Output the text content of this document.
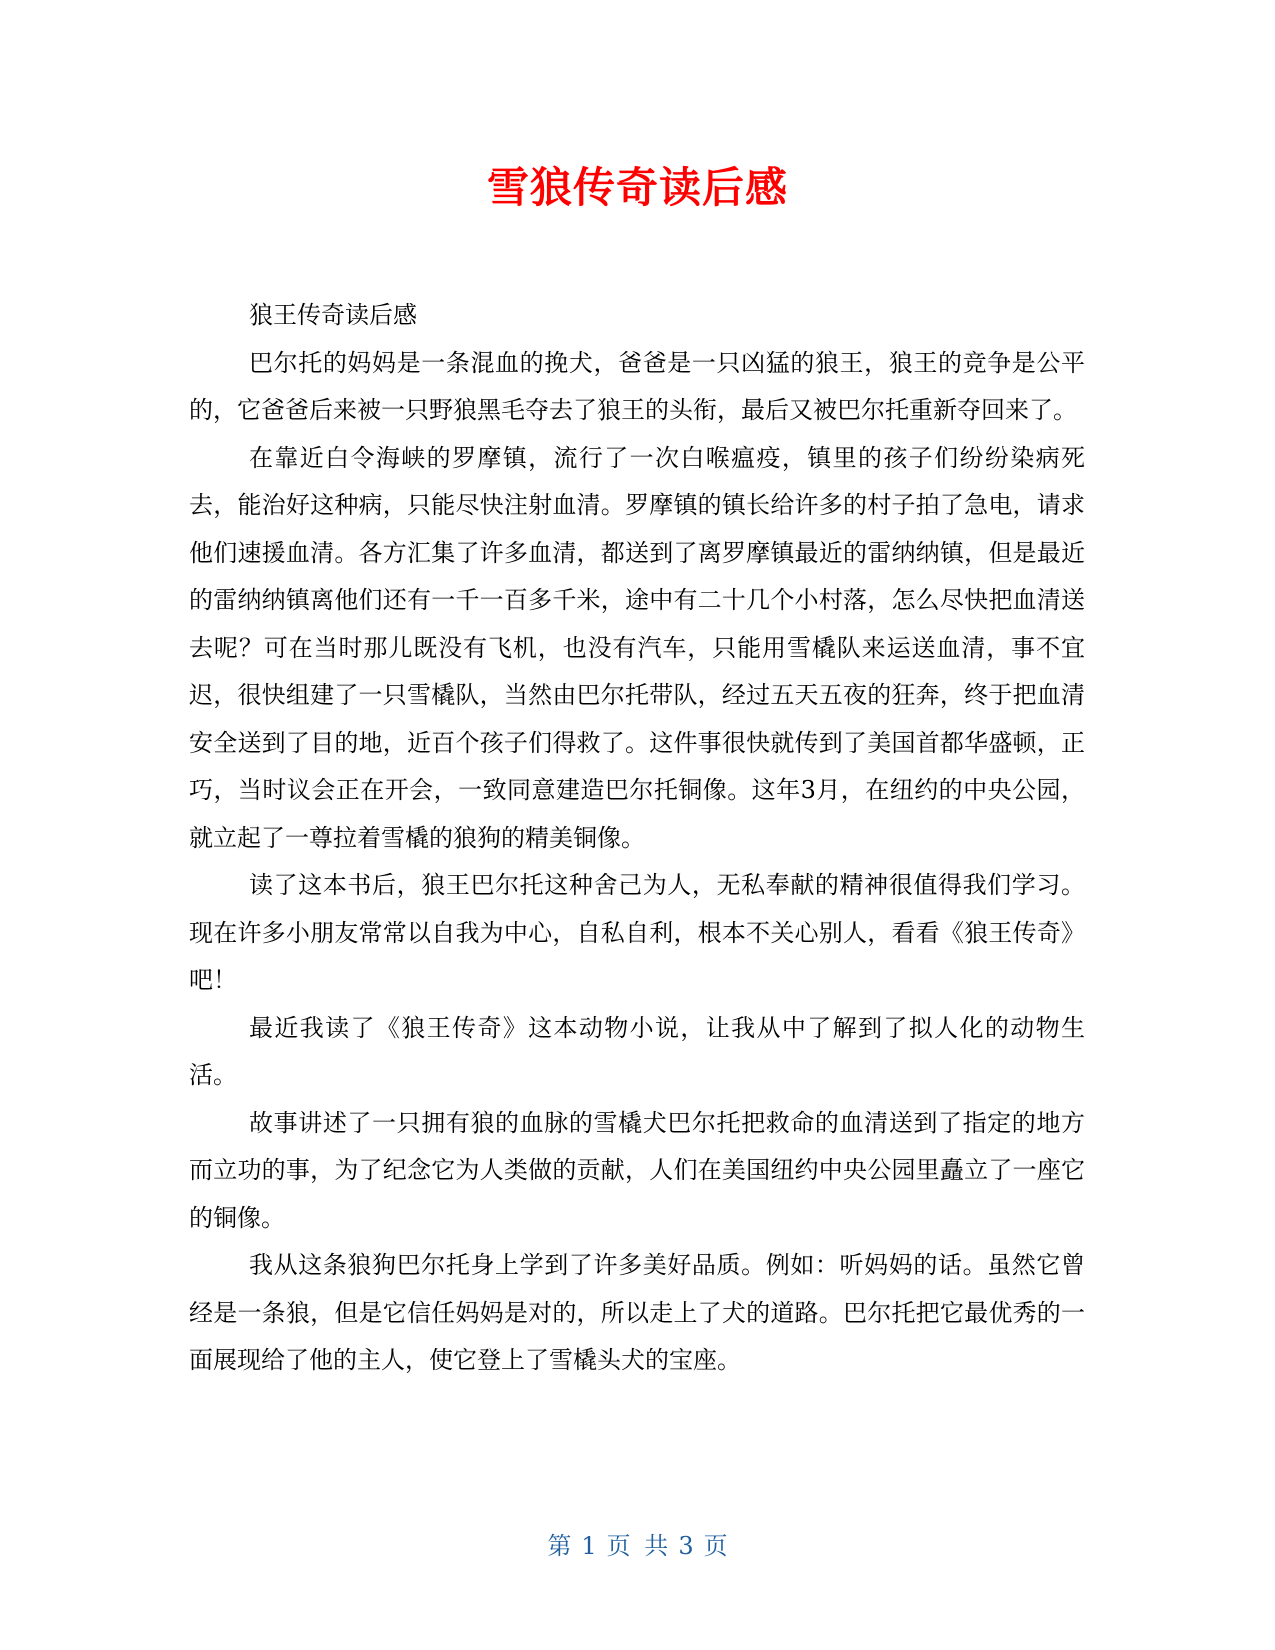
雪狼传奇读后感

狼王传奇读后感

巴尔托的妈妈是一条混血的挽犬，爸爸是一只凶猛的狼王，狼王的竞争是公平的，它爸爸后来被一只野狼黑毛夺去了狼王的头衔，最后又被巴尔托重新夺回来了。

在靠近白令海峡的罗摩镇，流行了一次白喉瘟疫，镇里的孩子们纷纷染病死去，能治好这种病，只能尽快注射血清。罗摩镇的镇长给许多的村子拍了急电，请求他们速援血清。各方汇集了许多血清，都送到了离罗摩镇最近的雷纳纳镇，但是最近的雷纳纳镇离他们还有一千一百多千米，途中有二十几个小村落，怎么尽快把血清送去呢？可在当时那儿既没有飞机，也没有汽车，只能用雪橇队来运送血清，事不宜迟，很快组建了一只雪橇队，当然由巴尔托带队，经过五天五夜的狂奔，终于把血清安全送到了目的地，近百个孩子们得救了。这件事很快就传到了美国首都华盛顿，正巧，当时议会正在开会，一致同意建造巴尔托铜像。这年3月，在纽约的中央公园，就立起了一尊拉着雪橇的狼狗的精美铜像。

读了这本书后，狼王巴尔托这种舍己为人，无私奉献的精神很值得我们学习。现在许多小朋友常常以自我为中心，自私自利，根本不关心别人，看看《狼王传奇》吧！

最近我读了《狼王传奇》这本动物小说，让我从中了解到了拟人化的动物生活。

故事讲述了一只拥有狼的血脉的雪橇犬巴尔托把救命的血清送到了指定的地方而立功的事，为了纪念它为人类做的贡献，人们在美国纽约中央公园里矗立了一座它的铜像。

我从这条狼狗巴尔托身上学到了许多美好品质。例如：听妈妈的话。虽然它曾经是一条狼，但是它信任妈妈是对的，所以走上了犬的道路。巴尔托把它最优秀的一面展现给了他的主人，使它登上了雪橇头犬的宝座。

第 1 页 共 3 页
